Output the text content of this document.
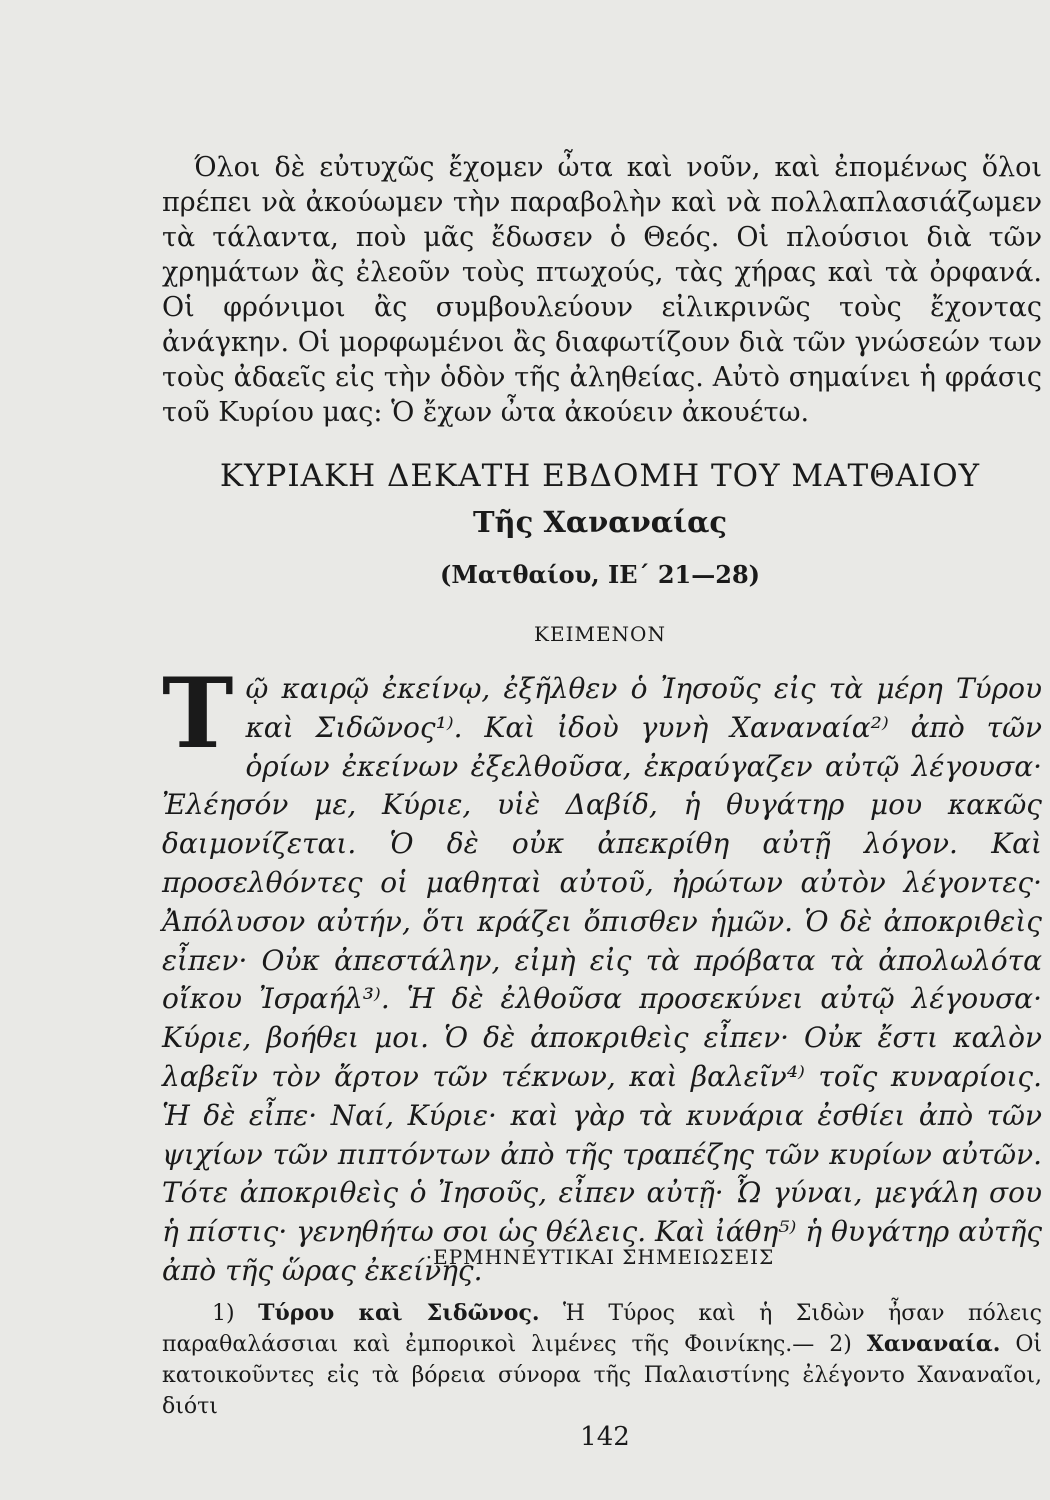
Όλοι δὲ εὐτυχῶς ἔχομεν ὦτα καὶ νοῦν, καὶ ἐπομένως ὅλοι πρέπει νὰ ἀκούωμεν τὴν παραβολὴν καὶ νὰ πολλαπλασιάζωμεν τὰ τάλαντα, ποὺ μᾶς ἔδωσεν ὁ Θεός. Οἱ πλούσιοι διὰ τῶν χρημάτων ἂς ἐλεοῦν τοὺς πτωχούς, τὰς χήρας καὶ τὰ ὀρφανά. Οἱ φρόνιμοι ἂς συμβουλεύουν εἰλικρινῶς τοὺς ἔχοντας ἀνάγκην. Οἱ μορφωμένοι ἂς διαφωτίζουν διὰ τῶν γνώσεών των τοὺς ἀδαεῖς εἰς τὴν ὁδὸν τῆς ἀληθείας. Αὐτὸ σημαίνει ἡ φράσις τοῦ Κυρίου μας: Ὁ ἔχων ὦτα ἀκούειν ἀκουέτω.

ΚΥΡΙΑΚΗ ΔΕΚΑΤΗ ΕΒΔΟΜΗ ΤΟΥ ΜΑΤΘΑΙΟΥ
Τῆς Χαναναίας
(Ματθαίου, ΙΕ΄ 21—28)
ΚΕΙΜΕΝΟΝ

Τῷ καιρῷ ἐκείνῳ, ἐξῆλθεν ὁ Ἰησοῦς εἰς τὰ μέρη Τύρου καὶ Σιδῶνος¹⁾. Καὶ ἰδοὺ γυνὴ Χαναναία²⁾ ἀπὸ τῶν ὁρίων ἐκείνων ἐξελθοῦσα, ἐκραύγαζεν αὐτῷ λέγουσα· Ἐλέησόν με, Κύριε, υἱὲ Δαβίδ, ἡ θυγάτηρ μου κακῶς δαιμονίζεται. Ὁ δὲ οὐκ ἀπεκρίθη αὐτῇ λόγον. Καὶ προσελθόντες οἱ μαθηταὶ αὐτοῦ, ἠρώτων αὐτὸν λέγοντες· Ἀπόλυσον αὐτήν, ὅτι κράζει ὄπισθεν ἡμῶν. Ὁ δὲ ἀποκριθεὶς εἶπεν· Οὐκ ἀπεστάλην, εἰμὴ εἰς τὰ πρόβατα τὰ ἀπολωλότα οἴκου Ἰσραήλ³⁾. Ἡ δὲ ἐλθοῦσα προσεκύνει αὐτῷ λέγουσα· Κύριε, βοήθει μοι. Ὁ δὲ ἀποκριθεὶς εἶπεν· Οὐκ ἔστι καλὸν λαβεῖν τὸν ἄρτον τῶν τέκνων, καὶ βαλεῖν⁴⁾ τοῖς κυναρίοις. Ἡ δὲ εἶπε· Ναί, Κύριε· καὶ γὰρ τὰ κυνάρια ἐσθίει ἀπὸ τῶν ψιχίων τῶν πιπτόντων ἀπὸ τῆς τραπέζης τῶν κυρίων αὐτῶν. Τότε ἀποκριθεὶς ὁ Ἰησοῦς, εἶπεν αὐτῇ· Ὦ γύναι, μεγάλη σου ἡ πίστις· γενηθήτω σοι ὡς θέλεις. Καὶ ἰάθη⁵⁾ ἡ θυγάτηρ αὐτῆς ἀπὸ τῆς ὥρας ἐκείνης.

·ΕΡΜΗΝΕΥΤΙΚΑΙ ΣΗΜΕΙΩΣΕΙΣ

1) Τύρου καὶ Σιδῶνος. Ἡ Τύρος καὶ ἡ Σιδὼν ἦσαν πόλεις παραθαλάσσιαι καὶ ἐμπορικοὶ λιμένες τῆς Φοινίκης.— 2) Χαναναία. Οἱ κατοικοῦντες εἰς τὰ βόρεια σύνορα τῆς Παλαιστίνης ἐλέγοντο Χαναναῖοι, διότι

142
